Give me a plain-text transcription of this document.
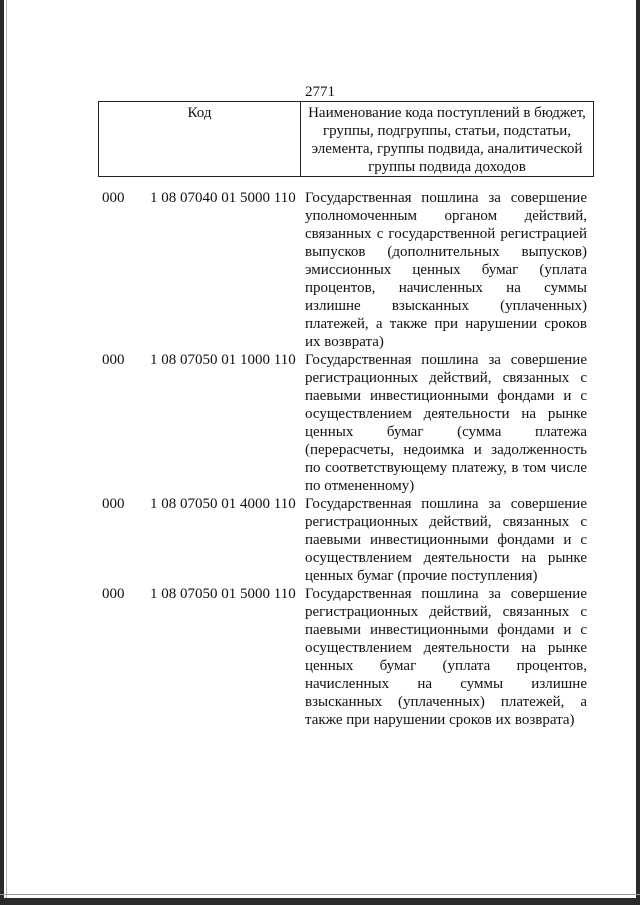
2771
Код	Наименование кода поступлений в бюджет, группы, подгруппы, статьи, подстатьи, элемента, группы подвида, аналитической группы подвида доходов
000	1 08 07040 01 5000 110 Государственная пошлина за совершение уполномоченным органом действий, связанных с государственной регистрацией выпусков (дополнительных выпусков) эмиссионных ценных бумаг (уплата процентов, начисленных на суммы излишне взысканных (уплаченных) платежей, а также при нарушении сроков их возврата)
000	1 08 07050 01 1000 110 Государственная пошлина за совершение регистрационных действий, связанных с паевыми инвестиционными фондами и с осуществлением деятельности на рынке ценных бумаг (сумма платежа (перерасчеты, недоимка и задолженность по соответствующему платежу, в том числе по отмененному)
000	1 08 07050 01 4000 110 Государственная пошлина за совершение регистрационных действий, связанных с паевыми инвестиционными фондами и с осуществлением деятельности на рынке ценных бумаг (прочие поступления)
000	1 08 07050 01 5000 110 Государственная пошлина за совершение регистрационных действий, связанных с паевыми инвестиционными фондами и с осуществлением деятельности на рынке ценных бумаг (уплата процентов, начисленных на суммы излишне взысканных (уплаченных) платежей, а также при нарушении сроков их возврата)
